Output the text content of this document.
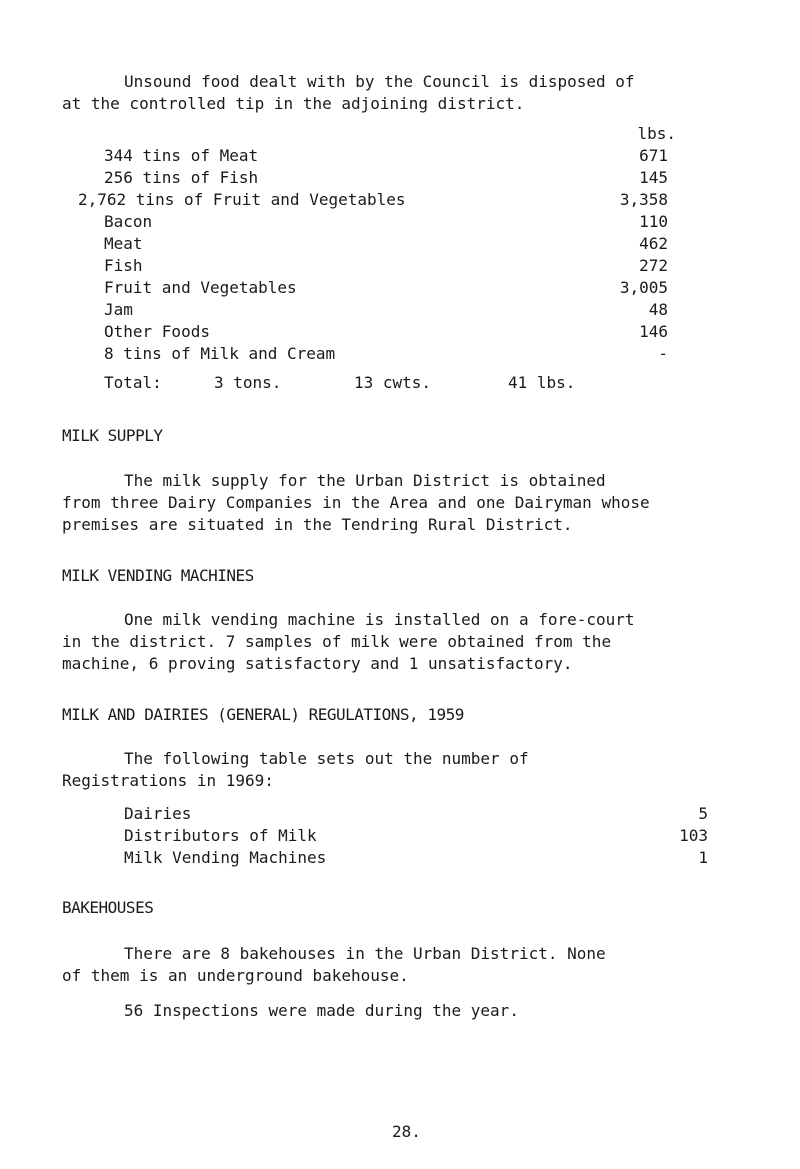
Unsound food dealt with by the Council is disposed of
at the controlled tip in the adjoining district.
lbs.
344 tins of Meat	671
256 tins of Fish	145
2,762 tins of Fruit and Vegetables	3,358
Bacon	110
Meat	462
Fish	272
Fruit and Vegetables	3,005
Jam	48
Other Foods	146
8 tins of Milk and Cream	-
Total:	3 tons.	13 cwts.	41 lbs.
MILK SUPPLY
The milk supply for the Urban District is obtained
from three Dairy Companies in the Area and one Dairyman whose
premises are situated in the Tendring Rural District.
MILK VENDING MACHINES
One milk vending machine is installed on a fore-court
in the district. 7 samples of milk were obtained from the
machine, 6 proving satisfactory and 1 unsatisfactory.
MILK AND DAIRIES (GENERAL) REGULATIONS, 1959
The following table sets out the number of
Registrations in 1969:
Dairies	5
Distributors of Milk	103
Milk Vending Machines	1
BAKEHOUSES
There are 8 bakehouses in the Urban District. None
of them is an underground bakehouse.
56 Inspections were made during the year.
28.
